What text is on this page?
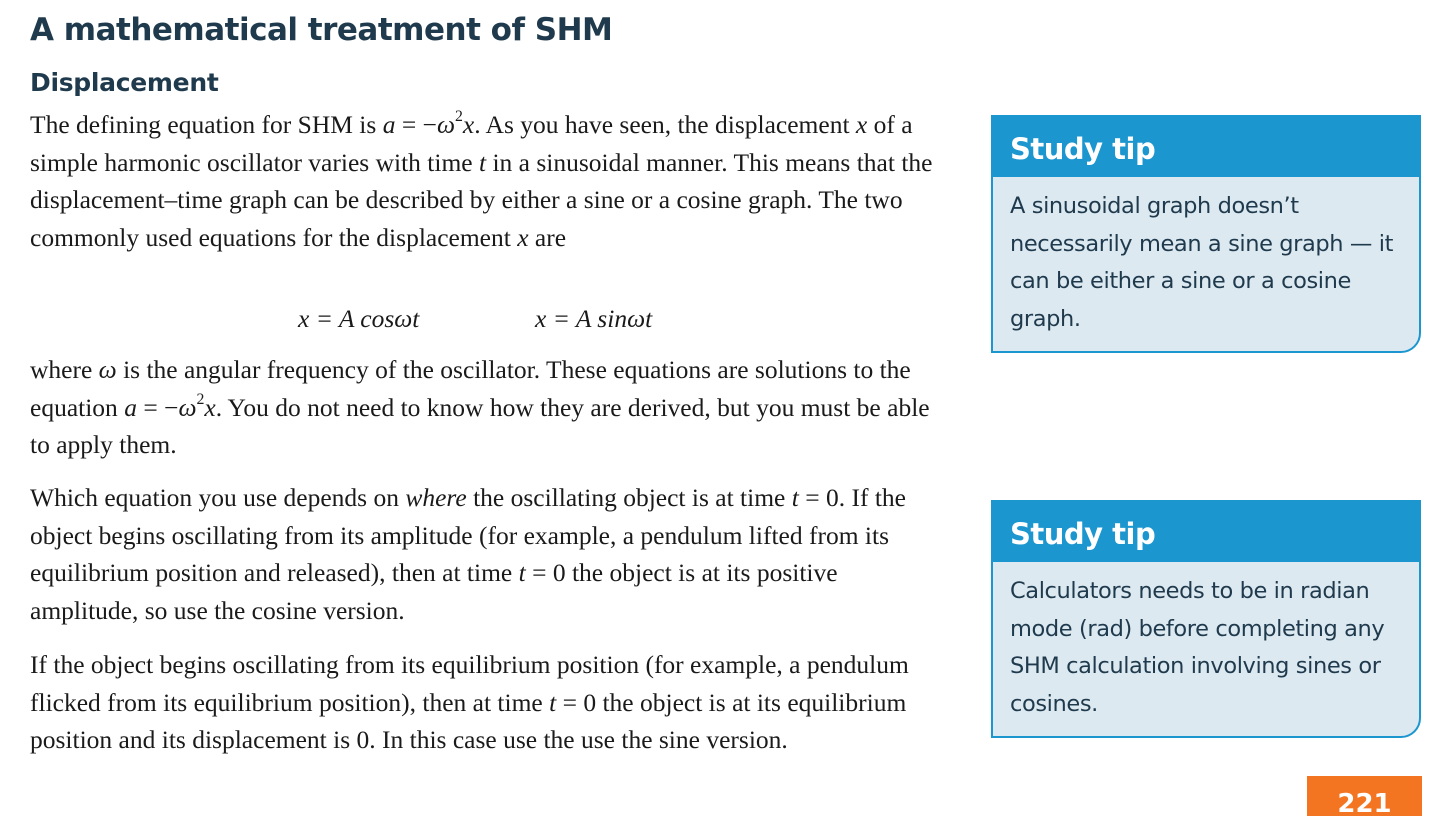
A mathematical treatment of SHM
Displacement

The defining equation for SHM is $a = -\omega^2x$. As you have seen, the displacement x of a simple harmonic oscillator varies with time t in a sinusoidal manner. This means that the displacement–time graph can be described by either a sine or a cosine graph. The two commonly used equations for the displacement x are

x = A cosωt	x = A sinωt

where ω is the angular frequency of the oscillator. These equations are solutions to the equation $a = -\omega^2x$. You do not need to know how they are derived, but you must be able to apply them.

Which equation you use depends on where the oscillating object is at time t = 0. If the object begins oscillating from its amplitude (for example, a pendulum lifted from its equilibrium position and released), then at time t = 0 the object is at its positive amplitude, so use the cosine version.

If the object begins oscillating from its equilibrium position (for example, a pendulum flicked from its equilibrium position), then at time t = 0 the object is at its equilibrium position and its displacement is 0. In this case use the use the sine version.

Study tip
A sinusoidal graph doesn’t necessarily mean a sine graph — it can be either a sine or a cosine graph.
Study tip
Calculators needs to be in radian mode (rad) before completing any SHM calculation involving sines or cosines.
221
